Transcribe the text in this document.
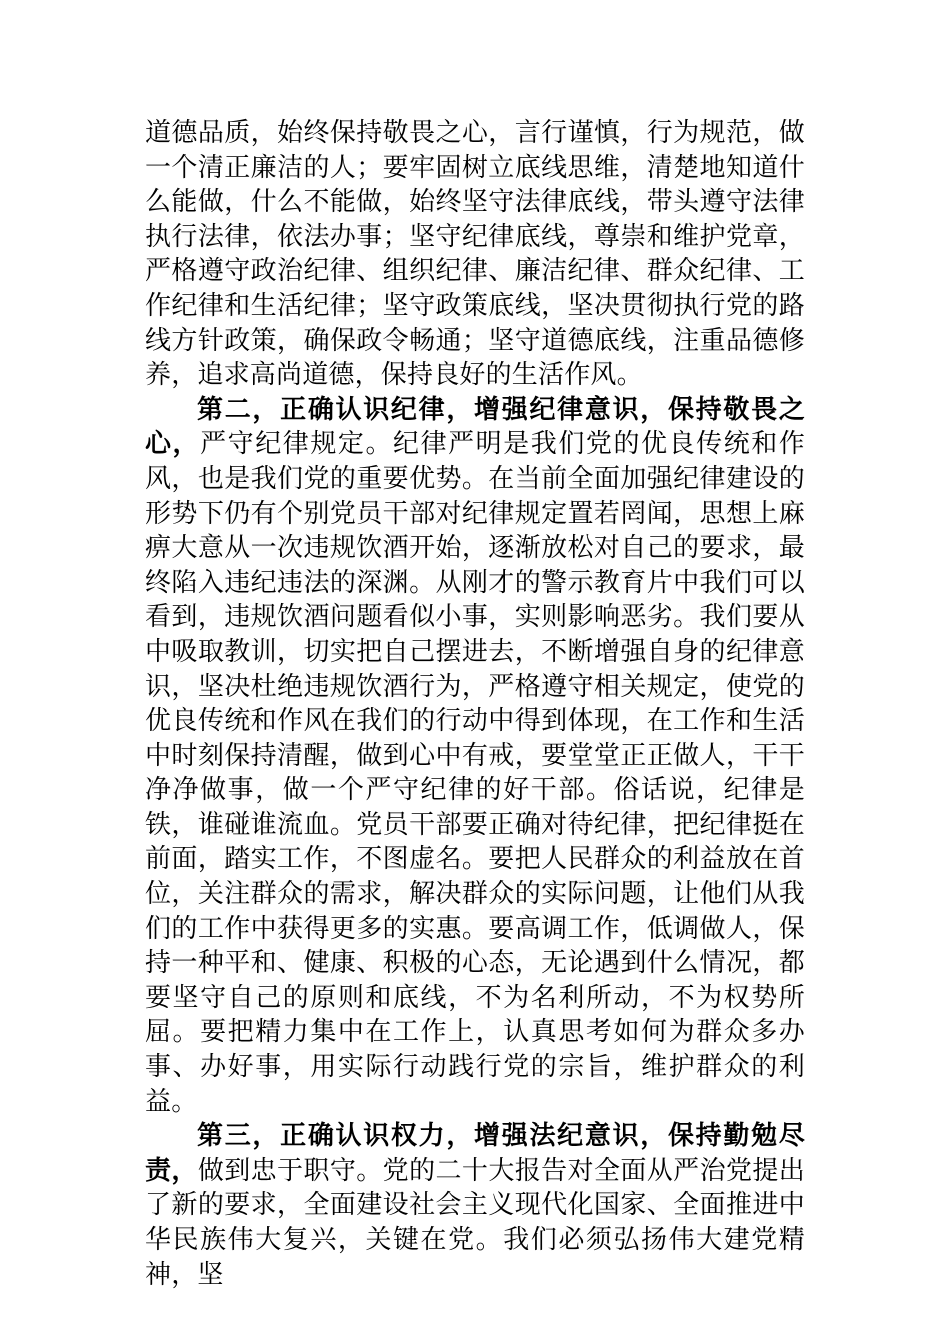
道德品质，始终保持敬畏之心，言行谨慎，行为规范，做一个清正廉洁的人；要牢固树立底线思维，清楚地知道什么能做，什么不能做，始终坚守法律底线，带头遵守法律执行法律，依法办事；坚守纪律底线，尊崇和维护党章，严格遵守政治纪律、组织纪律、廉洁纪律、群众纪律、工作纪律和生活纪律；坚守政策底线，坚决贯彻执行党的路线方针政策，确保政令畅通；坚守道德底线，注重品德修养，追求高尚道德，保持良好的生活作风。

第二，正确认识纪律，增强纪律意识，保持敬畏之心，严守纪律规定。纪律严明是我们党的优良传统和作风，也是我们党的重要优势。在当前全面加强纪律建设的形势下仍有个别党员干部对纪律规定置若罔闻，思想上麻痹大意从一次违规饮酒开始，逐渐放松对自己的要求，最终陷入违纪违法的深渊。从刚才的警示教育片中我们可以看到，违规饮酒问题看似小事，实则影响恶劣。我们要从中吸取教训，切实把自己摆进去，不断增强自身的纪律意识，坚决杜绝违规饮酒行为，严格遵守相关规定，使党的优良传统和作风在我们的行动中得到体现，在工作和生活中时刻保持清醒，做到心中有戒，要堂堂正正做人，干干净净做事，做一个严守纪律的好干部。俗话说，纪律是铁，谁碰谁流血。党员干部要正确对待纪律，把纪律挺在前面，踏实工作，不图虚名。要把人民群众的利益放在首位，关注群众的需求，解决群众的实际问题，让他们从我们的工作中获得更多的实惠。要高调工作，低调做人，保持一种平和、健康、积极的心态，无论遇到什么情况，都要坚守自己的原则和底线，不为名利所动，不为权势所屈。要把精力集中在工作上，认真思考如何为群众多办事、办好事，用实际行动践行党的宗旨，维护群众的利益。

第三，正确认识权力，增强法纪意识，保持勤勉尽责，做到忠于职守。党的二十大报告对全面从严治党提出了新的要求，全面建设社会主义现代化国家、全面推进中华民族伟大复兴，关键在党。我们必须弘扬伟大建党精神，坚
